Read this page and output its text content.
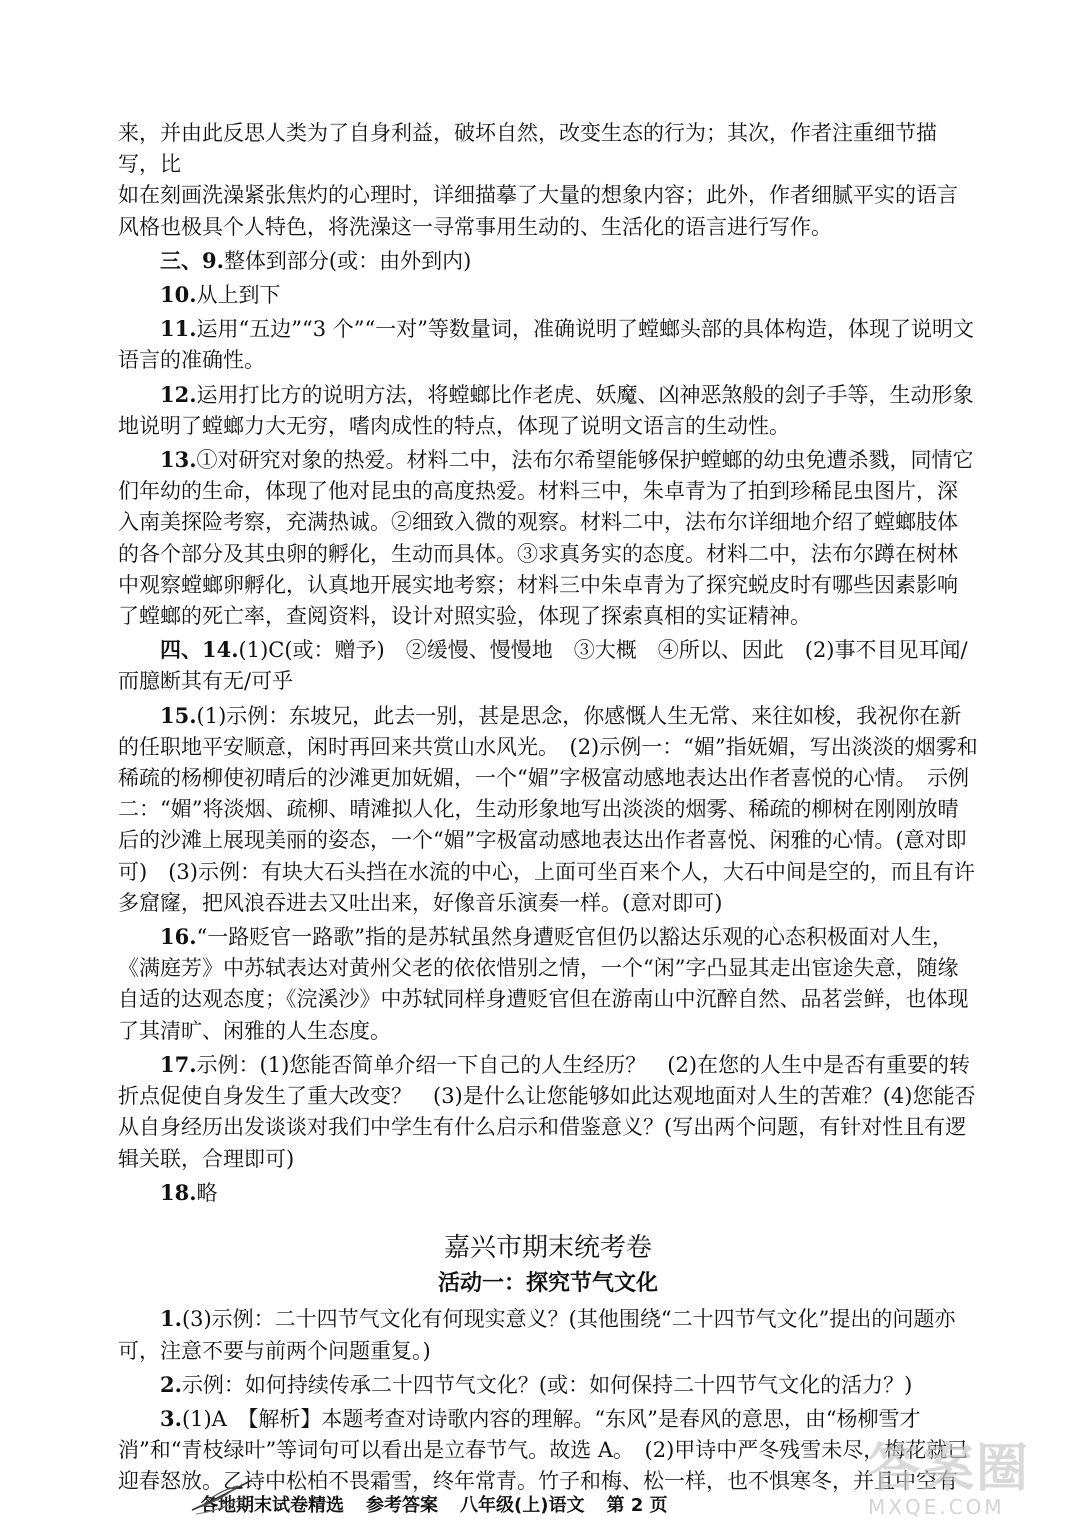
来，并由此反思人类为了自身利益，破坏自然，改变生态的行为；其次，作者注重细节描写，比

如在刻画洗澡紧张焦灼的心理时，详细描摹了大量的想象内容；此外，作者细腻平实的语言

风格也极具个人特色，将洗澡这一寻常事用生动的、生活化的语言进行写作。

三、9.整体到部分(或：由外到内)

10.从上到下

11.运用“五边”“3 个”“一对”等数量词，准确说明了螳螂头部的具体构造，体现了说明文语言的准确性。

12.运用打比方的说明方法，将螳螂比作老虎、妖魔、凶神恶煞般的刽子手等，生动形象地说明了螳螂力大无穷，嗜肉成性的特点，体现了说明文语言的生动性。

13.①对研究对象的热爱。材料二中，法布尔希望能够保护螳螂的幼虫免遭杀戮，同情它们年幼的生命，体现了他对昆虫的高度热爱。材料三中，朱卓青为了拍到珍稀昆虫图片，深入南美探险考察，充满热诚。②细致入微的观察。材料二中，法布尔详细地介绍了螳螂肢体的各个部分及其虫卵的孵化，生动而具体。③求真务实的态度。材料二中，法布尔蹲在树林中观察螳螂卵孵化，认真地开展实地考察；材料三中朱卓青为了探究蜕皮时有哪些因素影响了螳螂的死亡率，查阅资料，设计对照实验，体现了探索真相的实证精神。

四、14.(1)C(或：赠予)　②缓慢、慢慢地　③大概　④所以、因此　(2)事不目见耳闻/而臆断其有无/可乎

15.(1)示例：东坡兄，此去一别，甚是思念，你感慨人生无常、来往如梭，我祝你在新的任职地平安顺意，闲时再回来共赏山水风光。　(2)示例一：“媚”指妩媚，写出淡淡的烟雾和稀疏的杨柳使初晴后的沙滩更加妩媚，一个“媚”字极富动感地表达出作者喜悦的心情。　示例二：“媚”将淡烟、疏柳、晴滩拟人化，生动形象地写出淡淡的烟雾、稀疏的柳树在刚刚放晴后的沙滩上展现美丽的姿态，一个“媚”字极富动感地表达出作者喜悦、闲雅的心情。(意对即可)　(3)示例：有块大石头挡在水流的中心，上面可坐百来个人，大石中间是空的，而且有许多窟窿，把风浪吞进去又吐出来，好像音乐演奏一样。(意对即可)

16.“一路贬官一路歌”指的是苏轼虽然身遭贬官但仍以豁达乐观的心态积极面对人生，《满庭芳》中苏轼表达对黄州父老的依依惜别之情，一个“闲”字凸显其走出宦途失意，随缘自适的达观态度；《浣溪沙》中苏轼同样身遭贬官但在游南山中沉醉自然、品茗尝鲜，也体现了其清旷、闲雅的人生态度。

17.示例：(1)您能否简单介绍一下自己的人生经历？　(2)在您的人生中是否有重要的转折点促使自身发生了重大改变？　(3)是什么让您能够如此达观地面对人生的苦难？(4)您能否从自身经历出发谈谈对我们中学生有什么启示和借鉴意义？(写出两个问题，有针对性且有逻辑关联，合理即可)

18.略

嘉兴市期末统考卷
活动一：探究节气文化

1.(3)示例：二十四节气文化有何现实意义？(其他围绕“二十四节气文化”提出的问题亦可，注意不要与前两个问题重复。)

2.示例：如何持续传承二十四节气文化？(或：如何保持二十四节气文化的活力？)

3.(1)A　【解析】本题考查对诗歌内容的理解。“东风”是春风的意思，由“杨柳雪才消”和“青枝绿叶”等词句可以看出是立春节气。故选 A。　(2)甲诗中严冬残雪未尽，梅花就已迎春怒放。乙诗中松柏不畏霜雪，终年常青。竹子和梅、松一样，也不惧寒冬，并且中空有

各地期末试卷精选 参考答案 八年级(上)语文 第 2 页
答案圈
MXQE.COM
